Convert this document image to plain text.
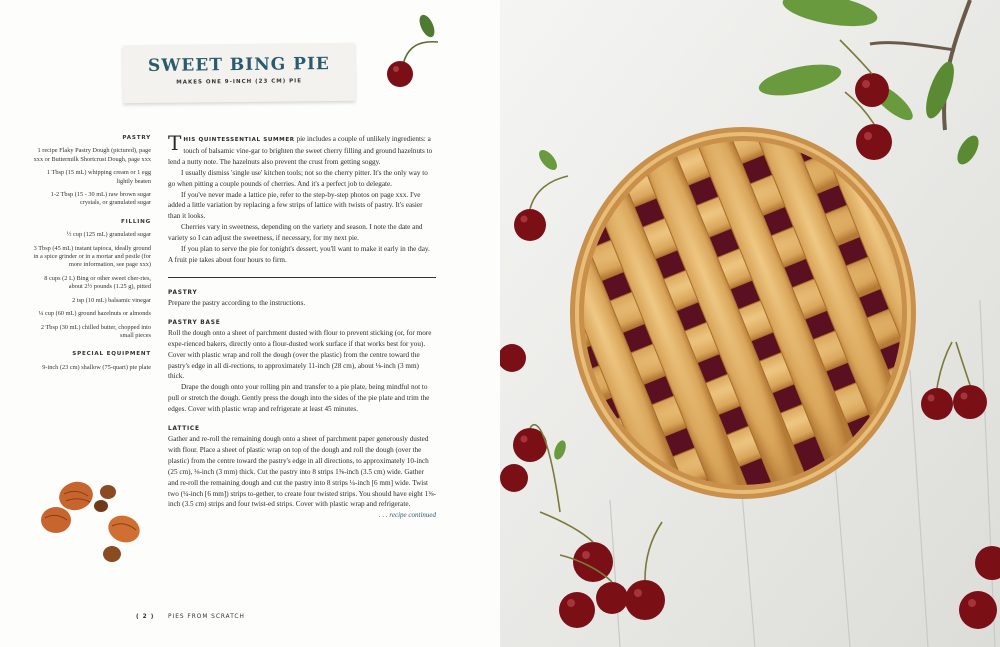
SWEET BING PIE
MAKES ONE 9-INCH (23 CM) PIE
PASTRY
1 recipe Flaky Pastry Dough (pictured), page xxx or Buttermilk Shortcrust Dough, page xxx
1 Tbsp (15 mL) whipping cream or 1 egg lightly beaten
1-2 Tbsp (15 - 30 mL) raw brown sugar crystals, or granulated sugar
FILLING
½ cup (125 mL) granulated sugar
3 Tbsp (45 mL) instant tapioca, ideally ground in a spice grinder or in a mortar and pestle (for more information, see page xxx)
8 cups (2 L) Bing or other sweet cher-ries, about 2½ pounds (1.25 g), pitted
2 tsp (10 mL) balsamic vinegar
¼ cup (60 mL) ground hazelnuts or almonds
2 Tbsp (30 mL) chilled butter, chopped into small pieces
SPECIAL EQUIPMENT
9-inch (23 cm) shallow (75-quart) pie plate

THIS QUINTESSENTIAL SUMMER pie includes a couple of unlikely ingredients: a touch of balsamic vine-gar to brighten the sweet cherry filling and ground hazelnuts to lend a nutty note. The hazelnuts also prevent the crust from getting soggy.

I usually dismiss 'single use' kitchen tools; not so the cherry pitter. It's the only way to go when pitting a couple pounds of cherries. And it's a perfect job to delegate.

If you've never made a lattice pie, refer to the step-by-step photos on page xxx. I've added a little variation by replacing a few strips of lattice with twists of pastry. It's easier than it looks.

Cherries vary in sweetness, depending on the variety and season. I note the date and variety so I can adjust the sweetness, if necessary, for my next pie.

If you plan to serve the pie for tonight's dessert, you'll want to make it early in the day. A fruit pie takes about four hours to firm.

PASTRY

Prepare the pastry according to the instructions.

PASTRY BASE

Roll the dough onto a sheet of parchment dusted with flour to prevent sticking (or, for more expe-rienced bakers, directly onto a flour-dusted work surface if that works best for you). Cover with plastic wrap and roll the dough (over the plastic) from the centre toward the pastry's edge in all di-rections, to approximately 11-inch (28 cm), about ⅛-inch (3 mm) thick.

Drape the dough onto your rolling pin and transfer to a pie plate, being mindful not to pull or stretch the dough. Gently press the dough into the sides of the pie plate and trim the edges. Cover with plastic wrap and refrigerate at least 45 minutes.

LATTICE

Gather and re-roll the remaining dough onto a sheet of parchment paper generously dusted with flour. Place a sheet of plastic wrap on top of the dough and roll the dough (over the plastic) from the centre toward the pastry's edge in all directions, to approximately 10-inch (25 cm), ⅛-inch (3 mm) thick. Cut the pastry into 8 strips 1⅜-inch (3.5 cm) wide. Gather and re-roll the remaining dough and cut the pastry into 8 strips ¼-inch [6 mm] wide. Twist two (¼-inch [6 mm]) strips to-gether, to create four twisted strips. You should have eight 1⅜-inch (3.5 cm) strips and four twist-ed strips. Cover with plastic wrap and refrigerate.

. . . recipe continued

( 2 ) PIES FROM SCRATCH
